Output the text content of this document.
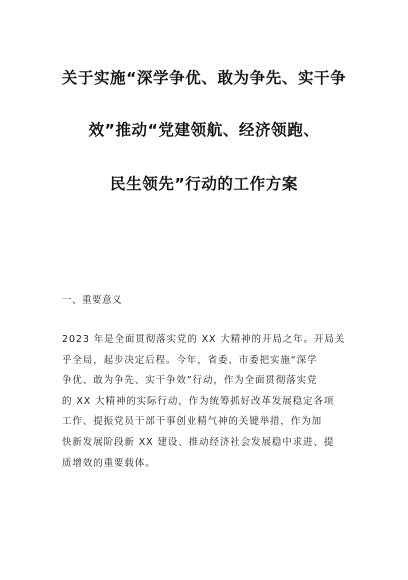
关于实施“深学争优、敢为争先、实干争
效”推动“党建领航、经济领跑、
民生领先”行动的工作方案
一、重要意义
2023 年是全面贯彻落实党的 XX 大精神的开局之年。开局关
乎全局，起步决定后程。今年，省委、市委把实施“深学
争优、敢为争先、实干争效”行动，作为全面贯彻落实党
的 XX 大精神的实际行动，作为统筹抓好改革发展稳定各项
工作、提振党员干部干事创业精气神的关键举措，作为加
快新发展阶段新 XX 建设、推动经济社会发展稳中求进、提
质增效的重要载体。
